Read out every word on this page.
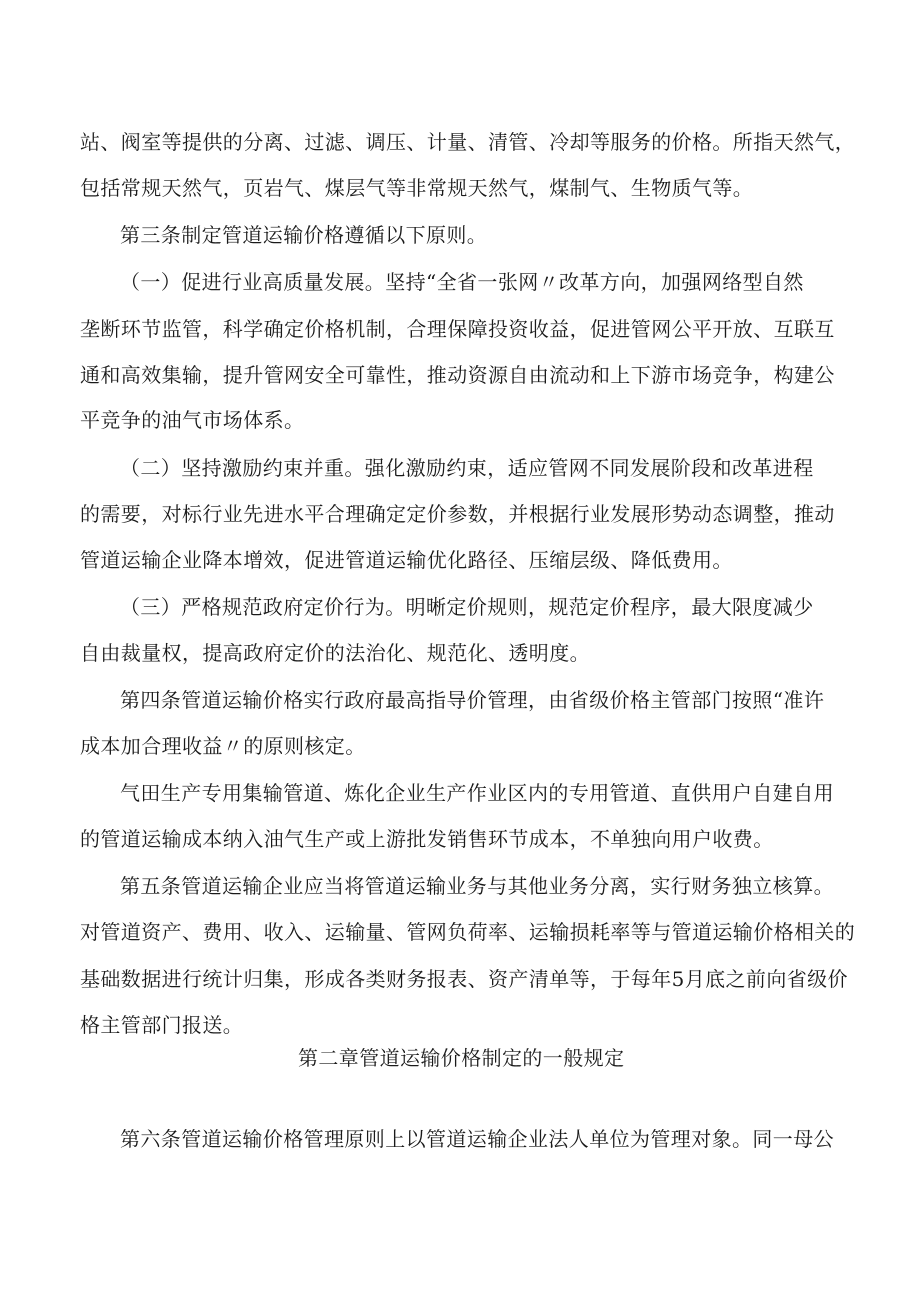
站、阀室等提供的分离、过滤、调压、计量、清管、冷却等服务的价格。所指天然气，
包括常规天然气，页岩气、煤层气等非常规天然气，煤制气、生物质气等。
第三条制定管道运输价格遵循以下原则。
（一）促进行业高质量发展。坚持“全省一张网〃改革方向，加强网络型自然
垄断环节监管，科学确定价格机制，合理保障投资收益，促进管网公平开放、互联互
通和高效集输，提升管网安全可靠性，推动资源自由流动和上下游市场竞争，构建公
平竞争的油气市场体系。
（二）坚持激励约束并重。强化激励约束，适应管网不同发展阶段和改革进程
的需要，对标行业先进水平合理确定定价参数，并根据行业发展形势动态调整，推动
管道运输企业降本增效，促进管道运输优化路径、压缩层级、降低费用。
（三）严格规范政府定价行为。明晰定价规则，规范定价程序，最大限度减少
自由裁量权，提高政府定价的法治化、规范化、透明度。
第四条管道运输价格实行政府最高指导价管理，由省级价格主管部门按照“准许
成本加合理收益〃的原则核定。
气田生产专用集输管道、炼化企业生产作业区内的专用管道、直供用户自建自用
的管道运输成本纳入油气生产或上游批发销售环节成本，不单独向用户收费。
第五条管道运输企业应当将管道运输业务与其他业务分离，实行财务独立核算。
对管道资产、费用、收入、运输量、管网负荷率、运输损耗率等与管道运输价格相关的
基础数据进行统计归集，形成各类财务报表、资产清单等，于每年5月底之前向省级价
格主管部门报送。
第二章管道运输价格制定的一般规定
第六条管道运输价格管理原则上以管道运输企业法人单位为管理对象。同一母公
